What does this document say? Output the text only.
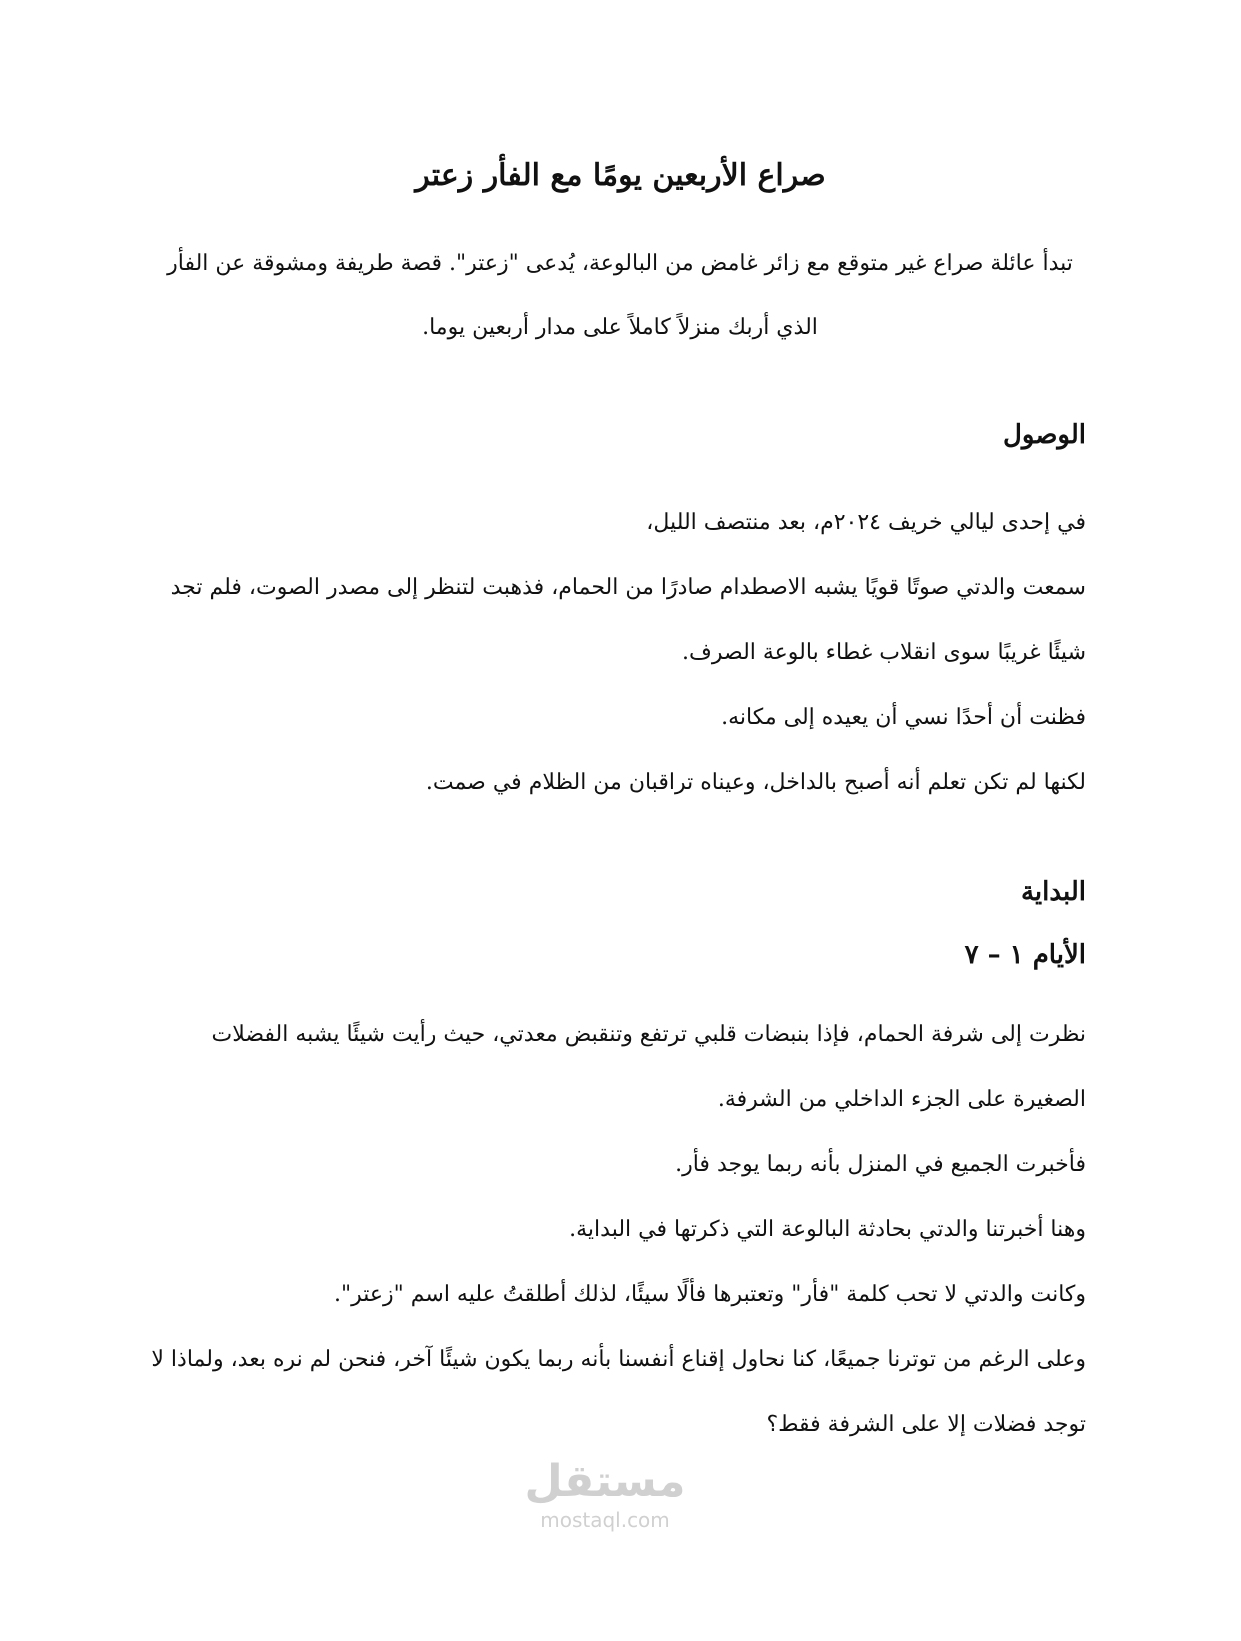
صراع الأربعين يومًا مع الفأر زعتر

تبدأ عائلة صراع غير متوقع مع زائر غامض من البالوعة، يُدعى "زعتر". قصة طريفة ومشوقة عن الفأر الذي أربك منزلاً كاملاً على مدار أربعين يوما.

الوصول

في إحدى ليالي خريف ٢٠٢٤م، بعد منتصف الليل،

سمعت والدتي صوتًا قويًا يشبه الاصطدام صادرًا من الحمام، فذهبت لتنظر إلى مصدر الصوت، فلم تجد شيئًا غريبًا سوى انقلاب غطاء بالوعة الصرف.

فظنت أن أحدًا نسي أن يعيده إلى مكانه.

لكنها لم تكن تعلم أنه أصبح بالداخل، وعيناه تراقبان من الظلام في صمت.

البداية
الأيام ١ – ٧

نظرت إلى شرفة الحمام، فإذا بنبضات قلبي ترتفع وتنقبض معدتي، حيث رأيت شيئًا يشبه الفضلات الصغيرة على الجزء الداخلي من الشرفة.

فأخبرت الجميع في المنزل بأنه ربما يوجد فأر.

وهنا أخبرتنا والدتي بحادثة البالوعة التي ذكرتها في البداية.

وكانت والدتي لا تحب كلمة "فأر" وتعتبرها فألًا سيئًا، لذلك أطلقتُ عليه اسم "زعتر".

وعلى الرغم من توترنا جميعًا، كنا نحاول إقناع أنفسنا بأنه ربما يكون شيئًا آخر، فنحن لم نره بعد، ولماذا لا توجد فضلات إلا على الشرفة فقط؟

مستقل
mostaql.com
